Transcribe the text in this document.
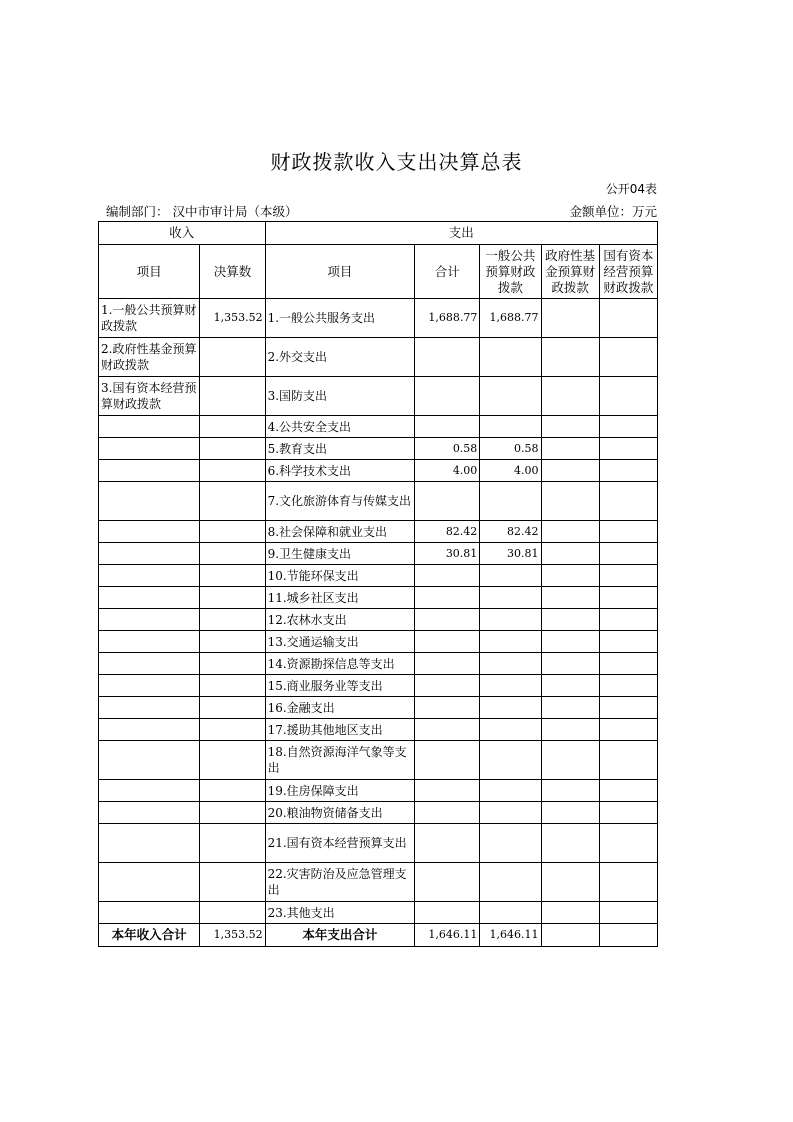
财政拨款收入支出决算总表
公开04表
编制部门： 汉中市审计局（本级）	金额单位：万元
收入		支出				
项目	决算数	项目	合计	一般公共预算财政拨款	政府性基金预算财政拨款	国有资本经营预算财政拨款
1.一般公共预算财政拨款	1,353.52	1.一般公共服务支出	1,688.77	1,688.77		
2.政府性基金预算财政拨款		2.外交支出				
3.国有资本经营预算财政拨款		3.国防支出				
		4.公共安全支出				
		5.教育支出	0.58	0.58		
		6.科学技术支出	4.00	4.00		
		7.文化旅游体育与传媒支出				
		8.社会保障和就业支出	82.42	82.42		
		9.卫生健康支出	30.81	30.81		
		10.节能环保支出				
		11.城乡社区支出				
		12.农林水支出				
		13.交通运输支出				
		14.资源勘探信息等支出				
		15.商业服务业等支出				
		16.金融支出				
		17.援助其他地区支出				
		18.自然资源海洋气象等支出				
		19.住房保障支出				
		20.粮油物资储备支出				
		21.国有资本经营预算支出				
		22.灾害防治及应急管理支出				
		23.其他支出				
本年收入合计	1,353.52	本年支出合计	1,646.11	1,646.11		
